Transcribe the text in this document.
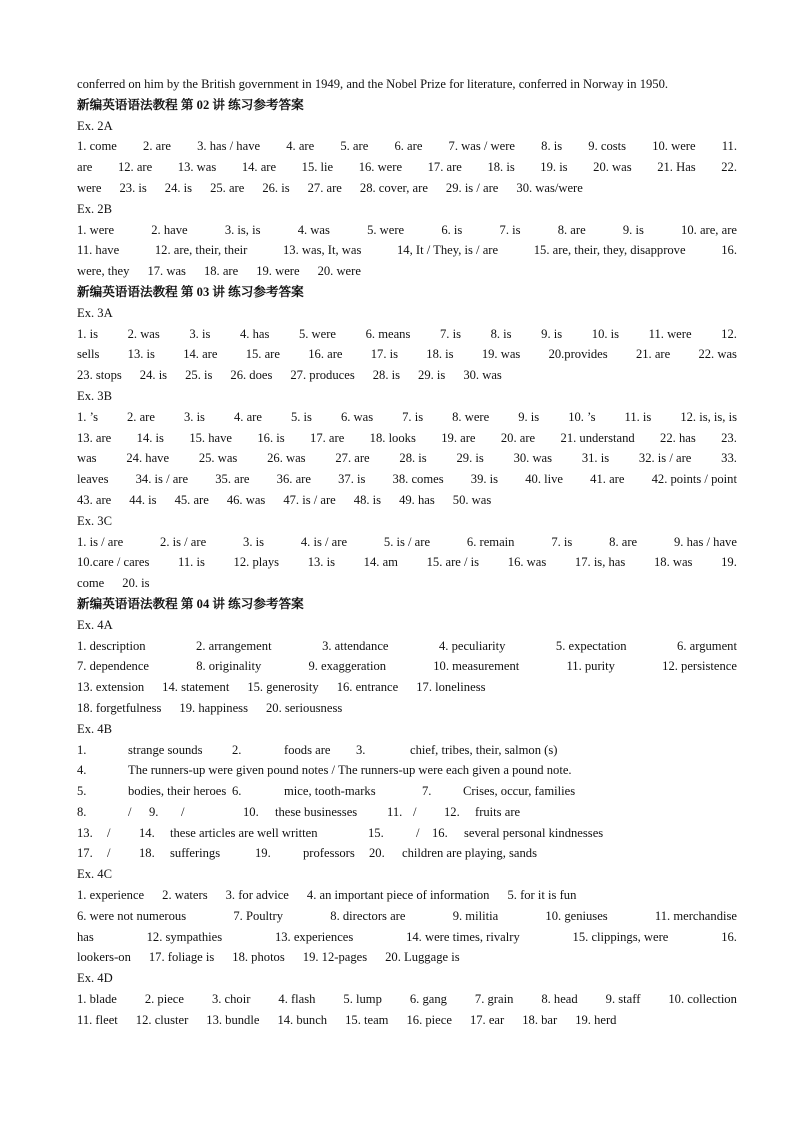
conferred on him by the British government in 1949, and the Nobel Prize for literature, conferred in Norway in 1950.
新编英语语法教程 第 02 讲 练习参考答案
Ex. 2A
1. come 2. are 3. has / have 4. are 5. are 6. are 7. was / were 8. is 9. costs 10. were 11.
are 12. are 13. was 14. are 15. lie 16. were 17. are 18. is 19. is 20. was 21. Has 22.
were 23. is 24. is 25. are 26. is 27. are 28. cover, are 29. is / are 30. was/were
Ex. 2B
1. were	2. have	3. is, is	4. was	5. were	6. is	7. is	8. are	9. is	10. are, are
11. have	12. are, their, their	13. was, It, was	14, It / They, is / are	15. are, their, they, disapprove	16.
were, they 17. was 18. are 19. were 20. were
新编英语语法教程 第 03 讲 练习参考答案
Ex. 3A
1. is 2. was 3. is 4. has 5. were 6. means 7. is 8. is 9. is 10. is 11. were 12.
sells 13. is 14. are 15. are 16. are 17. is 18. is 19. was 20.provides 21. are 22. was
23. stops 24. is 25. is 26. does 27. produces 28. is 29. is 30. was
Ex. 3B
1. ’s 2. are 3. is 4. are 5. is 6. was 7. is 8. were 9. is 10. ’s 11. is 12. is, is, is
13. are 14. is 15. have 16. is 17. are 18. looks 19. are 20. are 21. understand 22. has 23.
was 24. have 25. was 26. was 27. are 28. is 29. is 30. was 31. is 32. is / are 33.
leaves 34. is / are 35. are 36. are 37. is 38. comes 39. is 40. live 41. are 42. points / point
43. are 44. is 45. are 46. was 47. is / are 48. is 49. has 50. was
Ex. 3C
1. is / are	2. is / are	3. is	4. is / are	5. is / are	6. remain	7. is	8. are	9. has / have
10.care / cares 11. is 12. plays 13. is 14. am 15. are / is 16. was 17. is, has 18. was 19.
come 20. is
新编英语语法教程 第 04 讲 练习参考答案
Ex. 4A
1. description	2. arrangement	3. attendance	4. peculiarity	5. expectation	6. argument
7. dependence	8. originality	9. exaggeration	10. measurement	11. purity	12. persistence
13. extension 14. statement 15. generosity 16. entrance 17. loneliness
18. forgetfulness 19. happiness 20. seriousness
Ex. 4B
1.	strange sounds 2.	foods are 3.	chief, tribes, their, salmon (s)
4.	The runners-up were given pound notes / The runners-up were each given a pound note.
5.	bodies, their heroes 6.	mice, tooth-marks	7.	Crises, occur, families
8.	/ 9. /	10. these businesses 11. / 12. fruits are
13. / 14. these articles are well written	15.	/ 16. several personal kindnesses
17. / 18. sufferings	19.	professors 20. children are playing, sands
Ex. 4C
1. experience 2. waters 3. for advice 4. an important piece of information 5. for it is fun
6. were not numerous	7. Poultry	8. directors are	9. militia	10. geniuses	11. merchandise
has	12. sympathies	13. experiences	14. were times, rivalry	15. clippings, were	16.
lookers-on 17. foliage is 18. photos 19. 12-pages 20. Luggage is
Ex. 4D
1. blade 2. piece 3. choir 4. flash 5. lump 6. gang 7. grain 8. head 9. staff 10. collection
11. fleet 12. cluster 13. bundle 14. bunch 15. team 16. piece 17. ear 18. bar 19. herd
